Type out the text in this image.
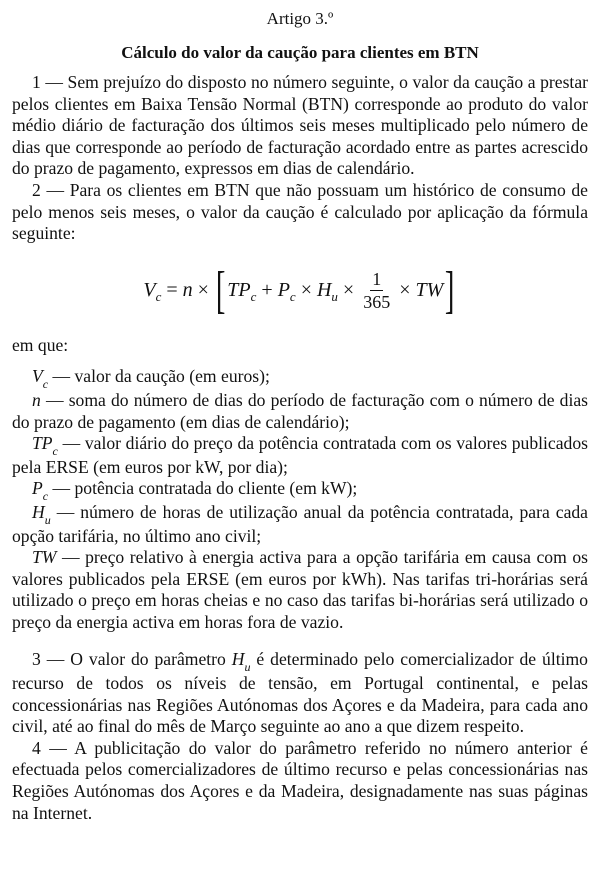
Artigo 3.º
Cálculo do valor da caução para clientes em BTN

1 — Sem prejuízo do disposto no número seguinte, o valor da caução a prestar pelos clientes em Baixa Tensão Normal (BTN) corresponde ao produto do valor médio diário de facturação dos últimos seis meses multiplicado pelo número de dias que corresponde ao período de facturação acordado entre as partes acrescido do prazo de pagamento, expressos em dias de calendário.

2 — Para os clientes em BTN que não possuam um histórico de consumo de pelo menos seis meses, o valor da caução é calculado por aplicação da fórmula seguinte:

V c = n × [ TP c + P c × H $u \times \frac{1}{365}$ × TW ]
em que:

$V_c$ — valor da caução (em euros);

n — soma do número de dias do período de facturação com o número de dias do prazo de pagamento (em dias de calendário);

$TP_c$ — valor diário do preço da potência contratada com os valores publicados pela ERSE (em euros por kW, por dia);

$P_c$ — potência contratada do cliente (em kW);

$H_u$ — número de horas de utilização anual da potência contratada, para cada opção tarifária, no último ano civil;

TW — preço relativo à energia activa para a opção tarifária em causa com os valores publicados pela ERSE (em euros por kWh). Nas tarifas tri-horárias será utilizado o preço em horas cheias e no caso das tarifas bi-horárias será utilizado o preço da energia activa em horas fora de vazio.

3 — O valor do parâmetro $H_u$ é determinado pelo comercializador de último recurso de todos os níveis de tensão, em Portugal continental, e pelas concessionárias nas Regiões Autónomas dos Açores e da Madeira, para cada ano civil, até ao final do mês de Março seguinte ao ano a que dizem respeito.

4 — A publicitação do valor do parâmetro referido no número anterior é efectuada pelos comercializadores de último recurso e pelas concessionárias nas Regiões Autónomas dos Açores e da Madeira, designadamente nas suas páginas na Internet.
